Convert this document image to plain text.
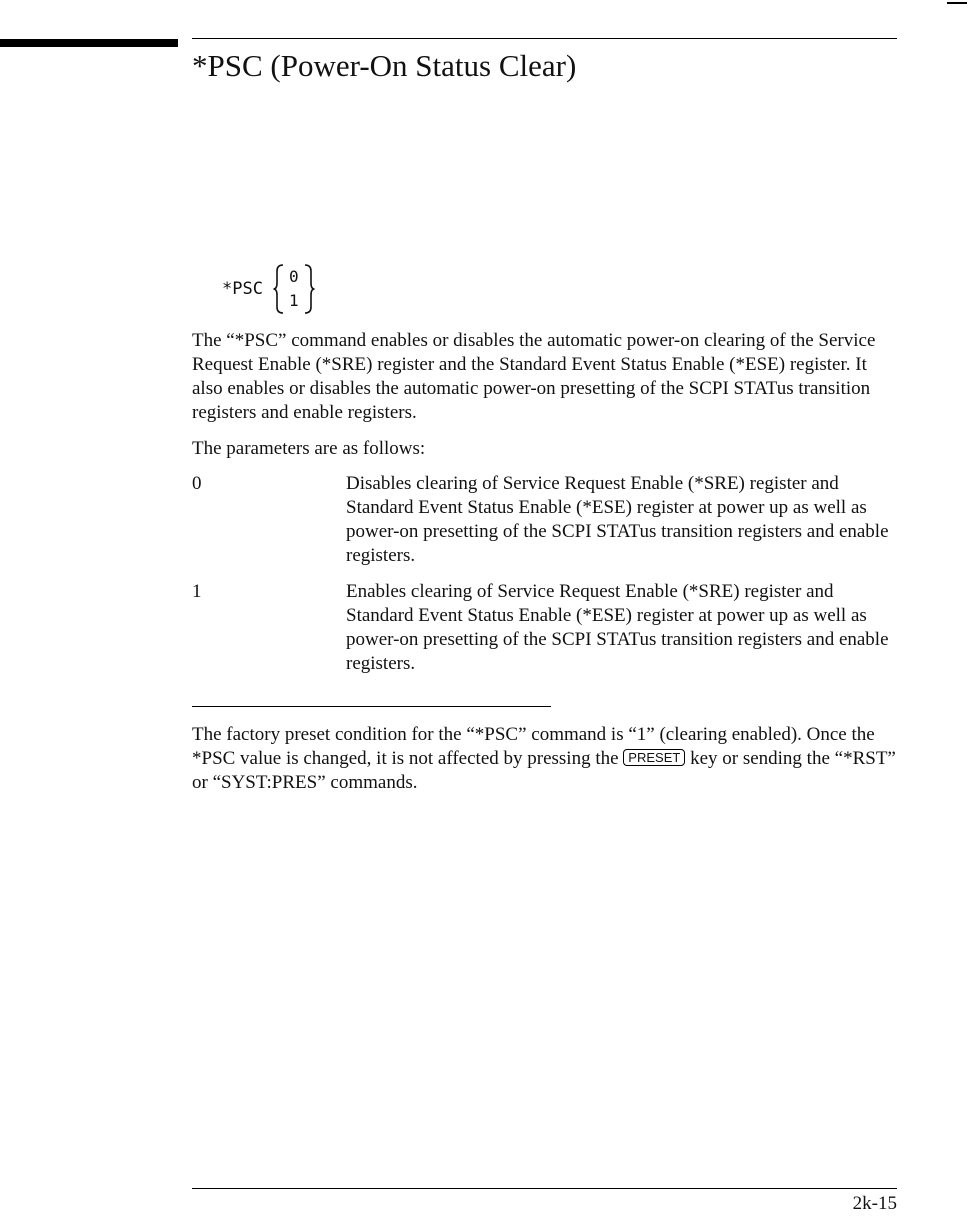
*PSC (Power-On Status Clear)
*PSC
0
1

The “*PSC” command enables or disables the automatic power-on clearing of the Service Request Enable (*SRE) register and the Standard Event Status Enable (*ESE) register. It also enables or disables the automatic power-on presetting of the SCPI STATus transition registers and enable registers.

The parameters are as follows:

0	Disables clearing of Service Request Enable (*SRE) register and Standard Event Status Enable (*ESE) register at power up as well as power-on presetting of the SCPI STATus transition registers and enable registers.
1	Enables clearing of Service Request Enable (*SRE) register and Standard Event Status Enable (*ESE) register at power up as well as power-on presetting of the SCPI STATus transition registers and enable registers.

The factory preset condition for the “*PSC” command is “1” (clearing enabled). Once the *PSC value is changed, it is not affected by pressing the PRESET key or sending the “*RST” or “SYST:PRES” commands.

2k-15
